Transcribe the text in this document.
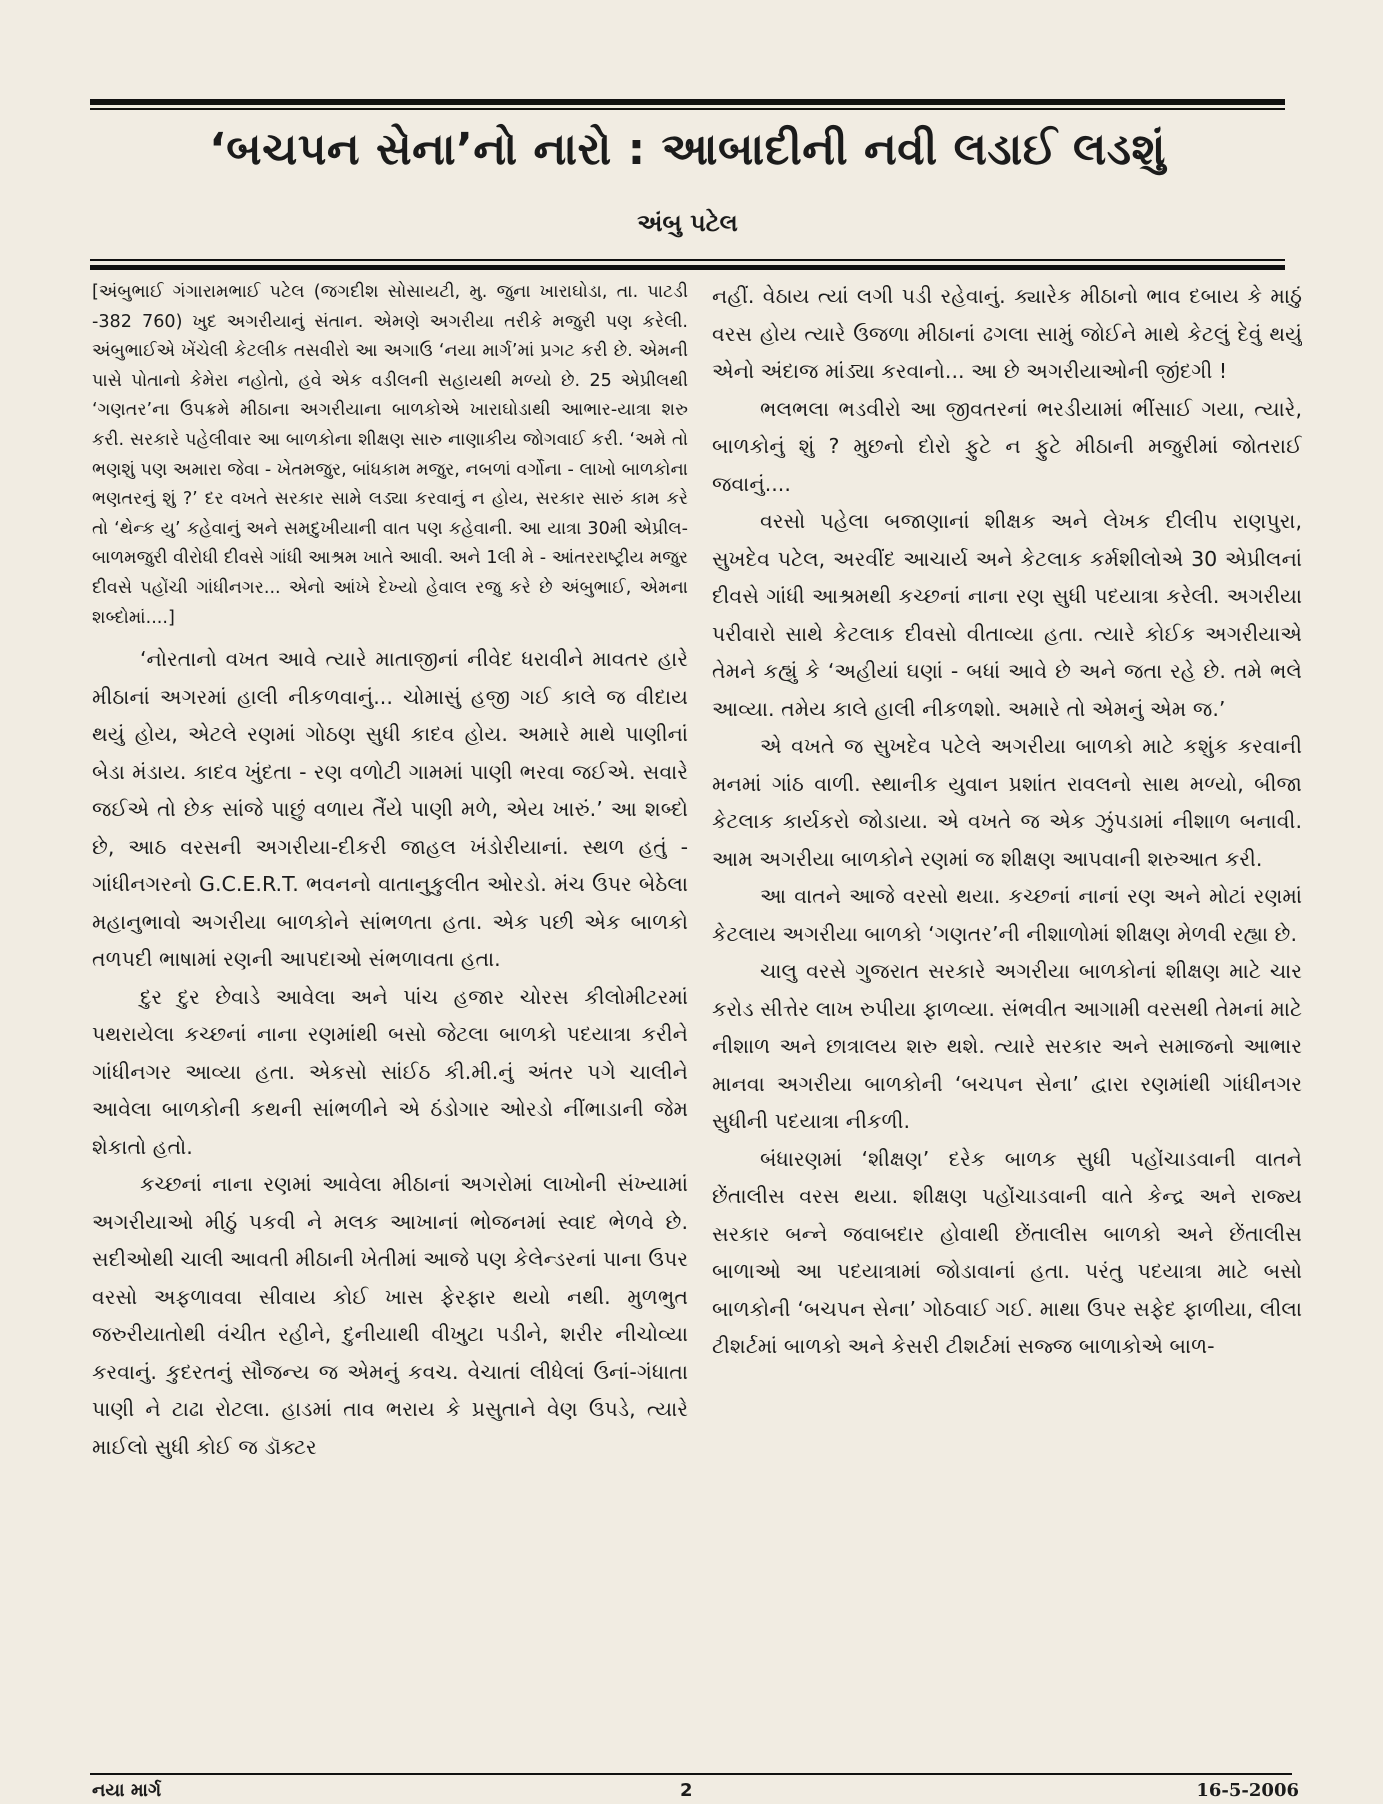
‘બચપન સેના’નો નારો : આબાદીની નવી લડાઈ લડશું
અંબુ પટેલ

[અંબુભાઈ ગંગારામભાઈ પટેલ (જગદીશ સોસાયટી, મુ. જુના ખારાઘોડા, તા. પાટડી -382 760) ખુદ અગરીયાનું સંતાન. એમણે અગરીયા તરીકે મજુરી પણ કરેલી. અંબુભાઈએ ખેંચેલી કેટલીક તસવીરો આ અગાઉ ‘નયા માર્ગ’માં પ્રગટ કરી છે. એમની પાસે પોતાનો કેમેરા નહોતો, હવે એક વડીલની સહાયથી મળ્યો છે. 25 એપ્રીલથી ‘ગણતર’ના ઉપક્રમે મીઠાના અગરીયાના બાળકોએ ખારાઘોડાથી આભાર-યાત્રા શરુ કરી. સરકારે પહેલીવાર આ બાળકોના શીક્ષણ સારુ નાણાકીય જોગવાઈ કરી. ‘અમે તો ભણશું પણ અમારા જેવા - ખેતમજુર, બાંધકામ મજુર, નબળાં વર્ગોના - લાખો બાળકોના ભણતરનું શું ?’ દર વખતે સરકાર સામે લડ્યા કરવાનું ન હોય, સરકાર સારું કામ કરે તો ‘થેન્ક યુ’ કહેવાનું અને સમદુખીયાની વાત પણ કહેવાની. આ યાત્રા 30મી એપ્રીલ-બાળમજુરી વીરોધી દીવસે ગાંધી આશ્રમ ખાતે આવી. અને 1લી મે - આંતરરાષ્ટ્રીય મજુર દીવસે પહોંચી ગાંધીનગર... એનો આંખે દેખ્યો હેવાલ રજુ કરે છે અંબુભાઈ, એમના શબ્દોમાં....]

‘નોરતાનો વખત આવે ત્યારે માતાજીનાં નીવેદ ધરાવીને માવતર હારે મીઠાનાં અગરમાં હાલી નીકળવાનું... ચોમાસું હજી ગઈ કાલે જ વીદાય થયું હોય, એટલે રણમાં ગોઠણ સુધી કાદવ હોય. અમારે માથે પાણીનાં બેડા મંડાય. કાદવ ખુંદતા - રણ વળોટી ગામમાં પાણી ભરવા જઈએ. સવારે જઈએ તો છેક સાંજે પાછું વળાય તૈંયે પાણી મળે, એય ખારું.’ આ શબ્દો છે, આઠ વરસની અગરીયા-દીકરી જાહલ ખંડોરીયાનાં. સ્થળ હતું - ગાંધીનગરનો G.C.E.R.T. ભવનનો વાતાનુકુલીત ઓરડો. મંચ ઉપર બેઠેલા મહાનુભાવો અગરીયા બાળકોને સાંભળતા હતા. એક પછી એક બાળકો તળપદી ભાષામાં રણની આપદાઓ સંભળાવતા હતા.

દુર દુર છેવાડે આવેલા અને પાંચ હજાર ચોરસ કીલોમીટરમાં પથરાયેલા કચ્છનાં નાના રણમાંથી બસો જેટલા બાળકો પદયાત્રા કરીને ગાંધીનગર આવ્યા હતા. એકસો સાંઈઠ કી.મી.નું અંતર પગે ચાલીને આવેલા બાળકોની કથની સાંભળીને એ ઠંડોગાર ઓરડો નીંભાડાની જેમ શેકાતો હતો.

કચ્છનાં નાના રણમાં આવેલા મીઠાનાં અગરોમાં લાખોની સંખ્યામાં અગરીયાઓ મીઠું પકવી ને મલક આખાનાં ભોજનમાં સ્વાદ ભેળવે છે. સદીઓથી ચાલી આવતી મીઠાની ખેતીમાં આજે પણ કેલેન્ડરનાં પાના ઉપર વરસો અફળાવવા સીવાય કોઈ ખાસ ફેરફાર થયો નથી. મુળભુત જરુરીયાતોથી વંચીત રહીને, દુનીયાથી વીખુટા પડીને, શરીર નીચોવ્યા કરવાનું. કુદરતનું સૌજન્ય જ એમનું કવચ. વેચાતાં લીધેલાં ઉનાં-ગંધાતા પાણી ને ટાઢા રોટલા. હાડમાં તાવ ભરાય કે પ્રસુતાને વેણ ઉપડે, ત્યારે માઈલો સુધી કોઈ જ ડૉક્ટર

નહીં. વેઠાય ત્યાં લગી પડી રહેવાનું. ક્યારેક મીઠાનો ભાવ દબાય કે માઠું વરસ હોય ત્યારે ઉજળા મીઠાનાં ઢગલા સામું જોઈને માથે કેટલું દેવું થયું એનો અંદાજ માંડ્યા કરવાનો... આ છે અગરીયાઓની જીંદગી !

ભલભલા ભડવીરો આ જીવતરનાં ભરડીયામાં ભીંસાઈ ગયા, ત્યારે, બાળકોનું શું ? મુછનો દોરો ફુટે ન ફુટે મીઠાની મજુરીમાં જોતરાઈ જવાનું....

વરસો પહેલા બજાણાનાં શીક્ષક અને લેખક દીલીપ રાણપુરા, સુખદેવ પટેલ, અરવીંદ આચાર્ય અને કેટલાક કર્મશીલોએ 30 એપ્રીલનાં દીવસે ગાંધી આશ્રમથી કચ્છનાં નાના રણ સુધી પદયાત્રા કરેલી. અગરીયા પરીવારો સાથે કેટલાક દીવસો વીતાવ્યા હતા. ત્યારે કોઈક અગરીયાએ તેમને કહ્યું કે ‘અહીયાં ઘણાં - બધાં આવે છે અને જતા રહે છે. તમે ભલે આવ્યા. તમેય કાલે હાલી નીકળશો. અમારે તો એમનું એમ જ.’

એ વખતે જ સુખદેવ પટેલે અગરીયા બાળકો માટે કશુંક કરવાની મનમાં ગાંઠ વાળી. સ્થાનીક યુવાન પ્રશાંત રાવલનો સાથ મળ્યો, બીજા કેટલાક કાર્યકરો જોડાયા. એ વખતે જ એક ઝુંપડામાં નીશાળ બનાવી. આમ અગરીયા બાળકોને રણમાં જ શીક્ષણ આપવાની શરુઆત કરી.

આ વાતને આજે વરસો થયા. કચ્છનાં નાનાં રણ અને મોટાં રણમાં કેટલાય અગરીયા બાળકો ‘ગણતર’ની નીશાળોમાં શીક્ષણ મેળવી રહ્યા છે.

ચાલુ વરસે ગુજરાત સરકારે અગરીયા બાળકોનાં શીક્ષણ માટે ચાર કરોડ સીત્તેર લાખ રુપીયા ફાળવ્યા. સંભવીત આગામી વરસથી તેમનાં માટે નીશાળ અને છાત્રાલય શરુ થશે. ત્યારે સરકાર અને સમાજનો આભાર માનવા અગરીયા બાળકોની ‘બચપન સેના’ દ્વારા રણમાંથી ગાંધીનગર સુધીની પદયાત્રા નીકળી.

બંધારણમાં ‘શીક્ષણ’ દરેક બાળક સુધી પહોંચાડવાની વાતને છેંતાલીસ વરસ થયા. શીક્ષણ પહોંચાડવાની વાતે કેન્દ્ર અને રાજ્ય સરકાર બન્ને જવાબદાર હોવાથી છેંતાલીસ બાળકો અને છેંતાલીસ બાળાઓ આ પદયાત્રામાં જોડાવાનાં હતા. પરંતુ પદયાત્રા માટે બસો બાળકોની ‘બચપન સેના’ ગોઠવાઈ ગઈ. માથા ઉપર સફેદ ફાળીયા, લીલા ટીશર્ટમાં બાળકો અને કેસરી ટીશર્ટમાં સજ્જ બાળાકોએ બાળ-

નયા માર્ગ	2	16-5-2006
